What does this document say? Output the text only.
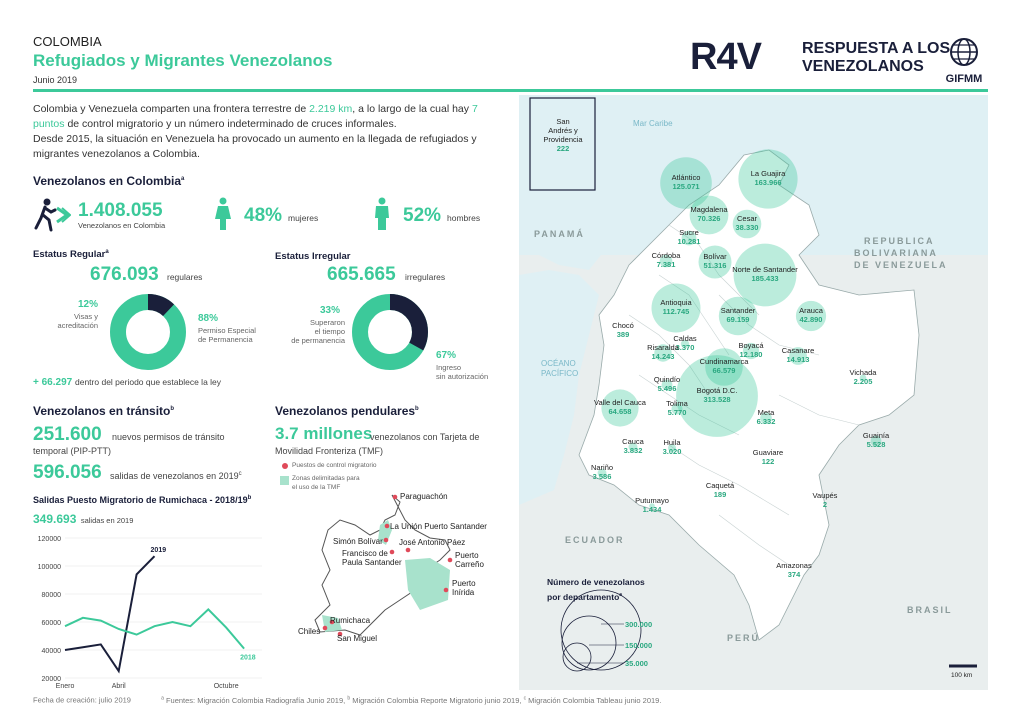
COLOMBIA
Refugiados y Migrantes Venezolanos
Junio 2019
R4V	RESPUESTA A LOS
VENEZOLANOS
GIFMM
Colombia y Venezuela comparten una frontera terrestre de 2.219 km, a lo largo de la cual hay 7 puntos de control migratorio y un número indeterminado de cruces informales.
Desde 2015, la situación en Venezuela ha provocado un aumento en la llegada de refugiados y migrantes venezolanos a Colombia.
Venezolanos en Colombia$^a$
1.408.055
Venezolanos en Colombia	48% mujeres	52% hombres
Estatus Regular$^a$
676.093 regulares
12%
Visas y
acreditación
88%
Permiso Especial
de Permanencia
+ 66.297 dentro del periodo que establece la ley
Estatus Irregular
665.665 irregulares
33%
Superaron
el tiempo
de permanencia
67%
Ingreso
sin autorización
Venezolanos en tránsito$^b$
251.600 nuevos permisos de tránsito
temporal (PIP-PTT)
596.056 salidas de venezolanos en 2019$^c$
Salidas Puesto Migratorio de Rumichaca - 2018/19$^b$
349.693 salidas en 2019
20000
40000
60000
80000
100000
120000
Enero	Abril	Octubre
2019
2018
Venezolanos pendulares$^b$
3.7 millones
venezolanos con Tarjeta de
Movilidad Fronteriza (TMF)
Puestos de control migratorio
Zonas delimitadas para
el uso de la TMF
Paraguachón
La Unión Puerto Santander
Simón Bolívar José Antonio Páez
Francisco de
Paula Santander
Puerto
Carreño
Puerto
Inírida
Rumichaca
Chiles
San Miguel
San
Andrés y
Providencia
222
PANAMÁ
REPUBLICA
BOLIVARIANA
DE VENEZUELA
ECUADOR
PERÚ
BRASIL
Mar Caribe
OCÉANO
PACÍFICO
La Guajira
163.966
Atlántico
125.071
Magdalena
70.326	Cesar
38.330
Sucre
10.281
Córdoba
7.381
Bolívar
51.316 Norte de Santander
185.433
Antioquia
112.745	Santander
69.159
Arauca
42.890
Chocó
389	Caldas
3.370	Boyacá
12.180
Risaralda
14.243
Casanare
14.913
Cundinamarca
66.579
Quindío
5.496
Vichada
2.205
Bogotá D.C.
313.528
Valle del Cauca
64.658
Tolima
5.770	Meta
6.332
Guainía
5.528
Cauca
3.832
Huila
3.020
Nariño
3.586
Guaviare
122
Caquetá
189	Vaupés
2
Putumayo
1.434
Amazonas
374
Número de venezolanos
por departamento$^a$
300.000
150.000
35.000
100 km
Fecha de creación: julio 2019	$^a$ Fuentes: Migración Colombia Radiografía Junio 2019, $^b$ Migración Colombia Reporte Migratorio junio 2019, $^c$ Migración Colombia Tableau junio 2019.
